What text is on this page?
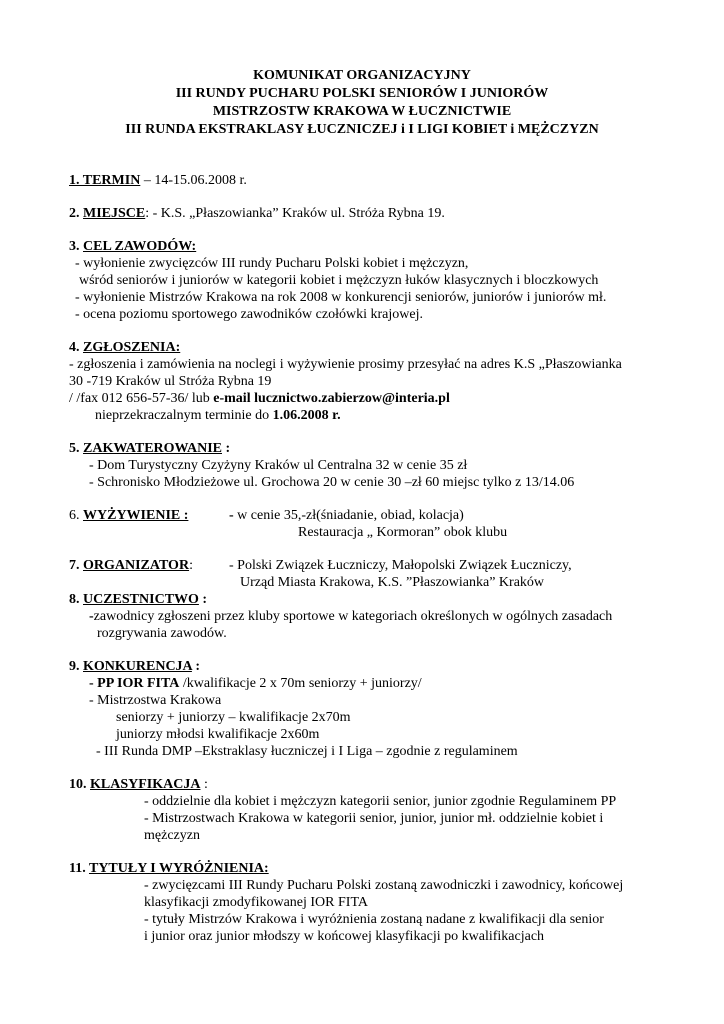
KOMUNIKAT ORGANIZACYJNY
III RUNDY PUCHARU POLSKI SENIORÓW I JUNIORÓW
MISTRZOSTW KRAKOWA W ŁUCZNICTWIE
III RUNDA EKSTRAKLASY ŁUCZNICZEJ i I LIGI KOBIET i MĘŻCZYZN
1. TERMIN – 14-15.06.2008 r.
2. MIEJSCE: - K.S. „Płaszowianka” Kraków ul. Stróża Rybna 19.
3. CEL ZAWODÓW:
- wyłonienie zwycięzców III rundy Pucharu Polski kobiet i mężczyzn,
wśród seniorów i juniorów w kategorii kobiet i mężczyzn łuków klasycznych i bloczkowych
- wyłonienie Mistrzów Krakowa na rok 2008 w konkurencji seniorów, juniorów i juniorów mł.
- ocena poziomu sportowego zawodników czołówki krajowej.
4. ZGŁOSZENIA:
- zgłoszenia i zamówienia na noclegi i wyżywienie prosimy przesyłać na adres K.S „Płaszowianka
30 -719 Kraków ul Stróża Rybna 19
/ /fax 012 656-57-36/ lub e-mail lucznictwo.zabierzow@interia.pl
nieprzekraczalnym terminie do 1.06.2008 r.
5. ZAKWATEROWANIE :
- Dom Turystyczny Czyżyny Kraków ul Centralna 32 w cenie 35 zł
- Schronisko Młodzieżowe ul. Grochowa 20 w cenie 30 –zł 60 miejsc tylko z 13/14.06
6. WYŻYWIENIE :	- w cenie 35,-zł(śniadanie, obiad, kolacja)
Restauracja „ Kormoran” obok klubu
7. ORGANIZATOR:	- Polski Związek Łuczniczy, Małopolski Związek Łuczniczy,
Urząd Miasta Krakowa, K.S. ”Płaszowianka” Kraków
8. UCZESTNICTWO :
-zawodnicy zgłoszeni przez kluby sportowe w kategoriach określonych w ogólnych zasadach
rozgrywania zawodów.
9. KONKURENCJA :
- PP IOR FITA /kwalifikacje 2 x 70m seniorzy + juniorzy/
- Mistrzostwa Krakowa
seniorzy + juniorzy – kwalifikacje 2x70m
juniorzy młodsi kwalifikacje 2x60m
- III Runda DMP –Ekstraklasy łuczniczej i I Liga – zgodnie z regulaminem
10. KLASYFIKACJA :
- oddzielnie dla kobiet i mężczyzn kategorii senior, junior zgodnie Regulaminem PP
- Mistrzostwach Krakowa w kategorii senior, junior, junior mł. oddzielnie kobiet i
mężczyzn
11. TYTUŁY I WYRÓŻNIENIA:
- zwycięzcami III Rundy Pucharu Polski zostaną zawodniczki i zawodnicy, końcowej
klasyfikacji zmodyfikowanej IOR FITA
- tytuły Mistrzów Krakowa i wyróżnienia zostaną nadane z kwalifikacji dla senior
i junior oraz junior młodszy w końcowej klasyfikacji po kwalifikacjach
